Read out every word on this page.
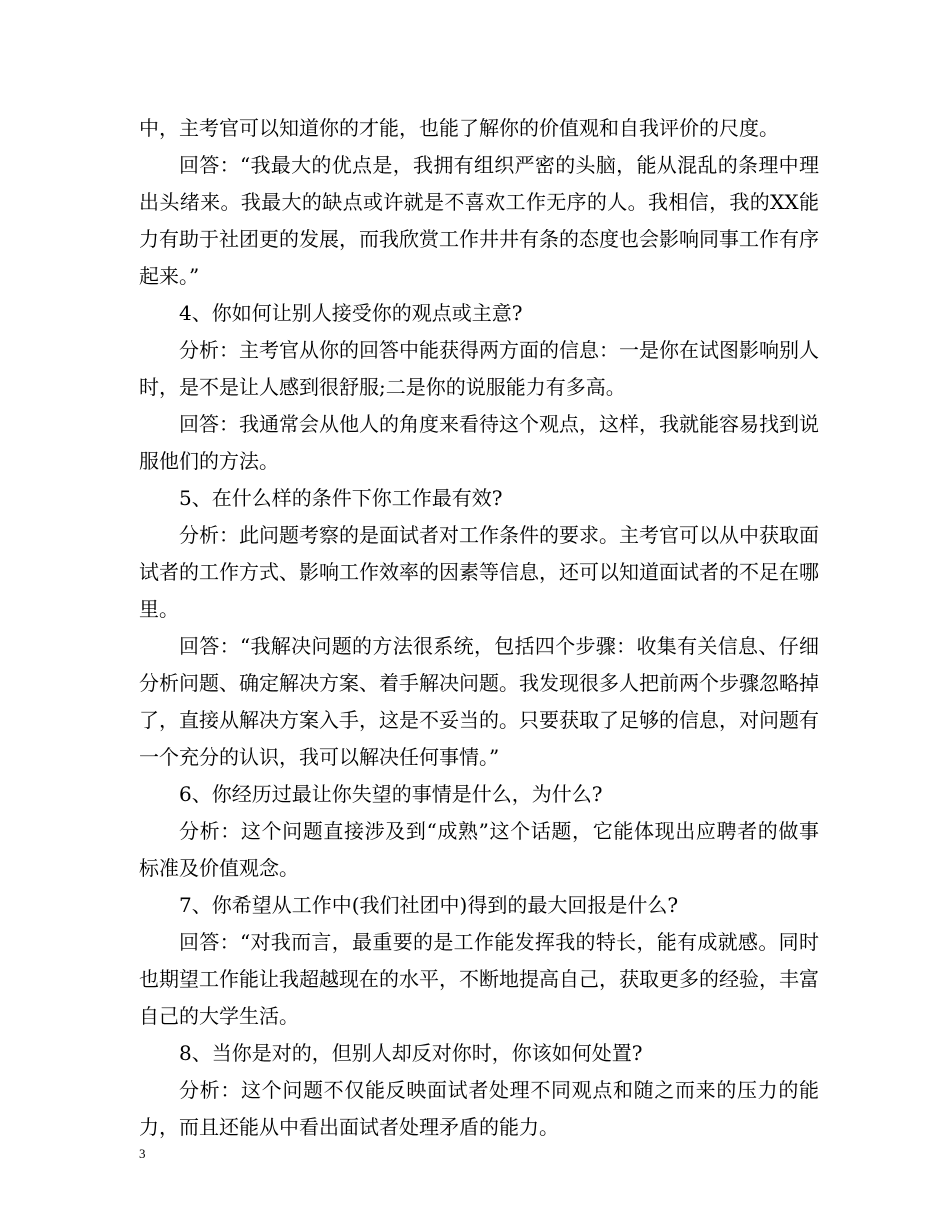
中，主考官可以知道你的才能，也能了解你的价值观和自我评价的尺度。

回答：“我最大的优点是，我拥有组织严密的头脑，能从混乱的条理中理出头绪来。我最大的缺点或许就是不喜欢工作无序的人。我相信，我的XX能力有助于社团更的发展，而我欣赏工作井井有条的态度也会影响同事工作有序起来。”

4、你如何让别人接受你的观点或主意?

分析：主考官从你的回答中能获得两方面的信息：一是你在试图影响别人时，是不是让人感到很舒服;二是你的说服能力有多高。

回答：我通常会从他人的角度来看待这个观点，这样，我就能容易找到说服他们的方法。

5、在什么样的条件下你工作最有效?

分析：此问题考察的是面试者对工作条件的要求。主考官可以从中获取面试者的工作方式、影响工作效率的因素等信息，还可以知道面试者的不足在哪里。

回答：“我解决问题的方法很系统，包括四个步骤：收集有关信息、仔细分析问题、确定解决方案、着手解决问题。我发现很多人把前两个步骤忽略掉了，直接从解决方案入手，这是不妥当的。只要获取了足够的信息，对问题有一个充分的认识，我可以解决任何事情。”

6、你经历过最让你失望的事情是什么，为什么?

分析：这个问题直接涉及到“成熟”这个话题，它能体现出应聘者的做事标准及价值观念。

7、你希望从工作中(我们社团中)得到的最大回报是什么?

回答：“对我而言，最重要的是工作能发挥我的特长，能有成就感。同时也期望工作能让我超越现在的水平，不断地提高自己，获取更多的经验，丰富自己的大学生活。

8、当你是对的，但别人却反对你时，你该如何处置?

分析：这个问题不仅能反映面试者处理不同观点和随之而来的压力的能力，而且还能从中看出面试者处理矛盾的能力。

3
